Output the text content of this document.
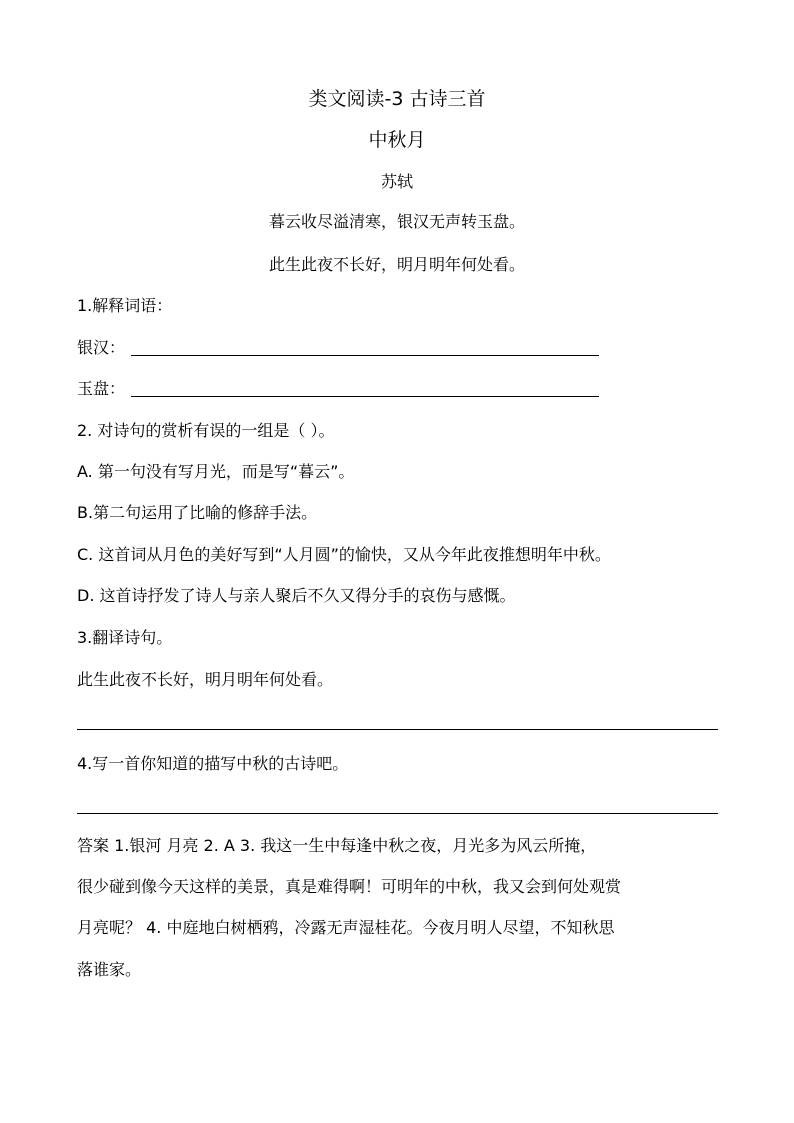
类文阅读-3 古诗三首
中秋月
苏轼
暮云收尽溢清寒，银汉无声转玉盘。
此生此夜不长好，明月明年何处看。
1.解释词语：
银汉：
玉盘：
2. 对诗句的赏析有误的一组是（ ）。
A. 第一句没有写月光，而是写“暮云”。
B.第二句运用了比喻的修辞手法。
C. 这首词从月色的美好写到“人月圆”的愉快，又从今年此夜推想明年中秋。
D. 这首诗抒发了诗人与亲人聚后不久又得分手的哀伤与感慨。
3.翻译诗句。
此生此夜不长好，明月明年何处看。
4.写一首你知道的描写中秋的古诗吧。
答案 1.银河 月亮 2. A 3. 我这一生中每逢中秋之夜，月光多为风云所掩，
很少碰到像今天这样的美景，真是难得啊！可明年的中秋，我又会到何处观赏
月亮呢？ 4. 中庭地白树栖鸦，冷露无声湿桂花。今夜月明人尽望，不知秋思
落谁家。
